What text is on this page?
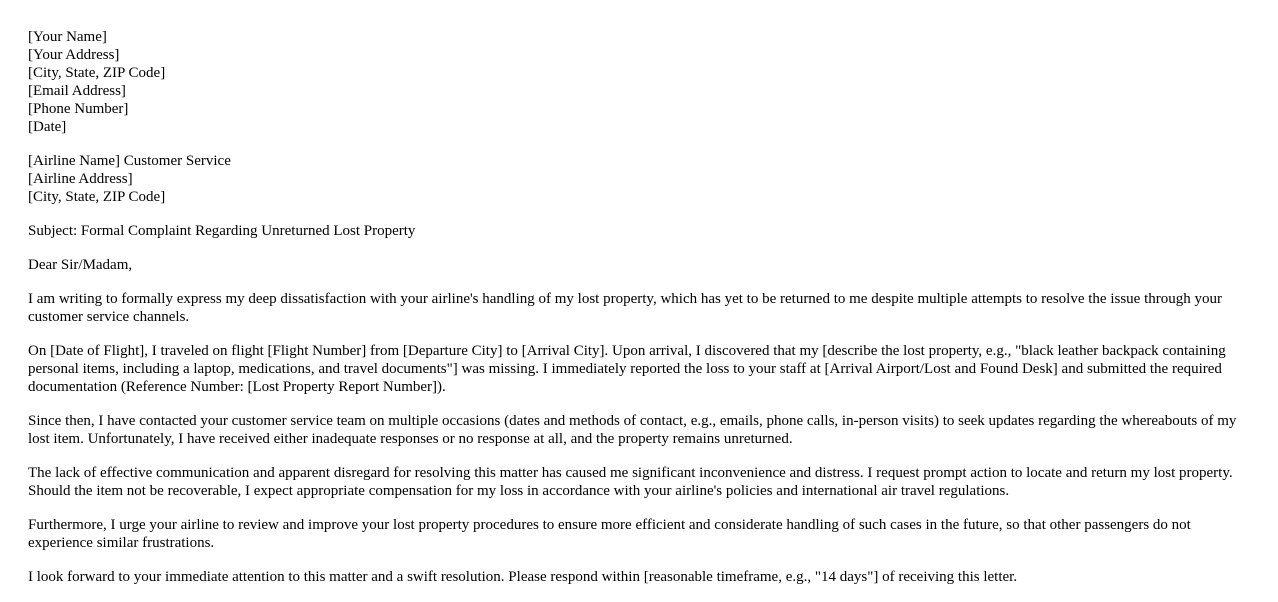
[Your Name]
[Your Address]
[City, State, ZIP Code]
[Email Address]
[Phone Number]
[Date]
[Airline Name] Customer Service
[Airline Address]
[City, State, ZIP Code]

Subject: Formal Complaint Regarding Unreturned Lost Property

Dear Sir/Madam,

I am writing to formally express my deep dissatisfaction with your airline's handling of my lost property, which has yet to be returned to me despite multiple attempts to resolve the issue through your customer service channels.

On [Date of Flight], I traveled on flight [Flight Number] from [Departure City] to [Arrival City]. Upon arrival, I discovered that my [describe the lost property, e.g., "black leather backpack containing personal items, including a laptop, medications, and travel documents"] was missing. I immediately reported the loss to your staff at [Arrival Airport/Lost and Found Desk] and submitted the required documentation (Reference Number: [Lost Property Report Number]).

Since then, I have contacted your customer service team on multiple occasions (dates and methods of contact, e.g., emails, phone calls, in-person visits) to seek updates regarding the whereabouts of my lost item. Unfortunately, I have received either inadequate responses or no response at all, and the property remains unreturned.

The lack of effective communication and apparent disregard for resolving this matter has caused me significant inconvenience and distress. I request prompt action to locate and return my lost property. Should the item not be recoverable, I expect appropriate compensation for my loss in accordance with your airline's policies and international air travel regulations.

Furthermore, I urge your airline to review and improve your lost property procedures to ensure more efficient and considerate handling of such cases in the future, so that other passengers do not experience similar frustrations.

I look forward to your immediate attention to this matter and a swift resolution. Please respond within [reasonable timeframe, e.g., "14 days"] of receiving this letter.
